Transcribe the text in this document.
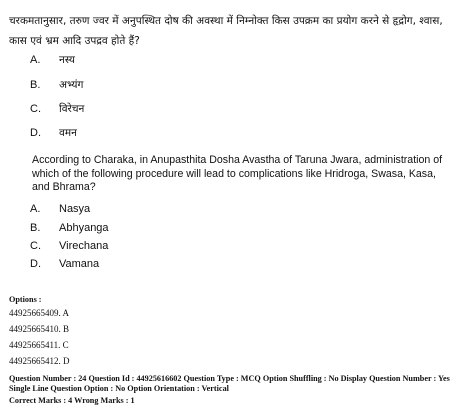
चरकमतानुसार, तरुण ज्वर में अनुपस्थित दोष की अवस्था में निम्नोक्त किस उपक्रम का प्रयोग करने से हृद्रोग, श्वास, कास एवं भ्रम आदि उपद्रव होते हैं?
A.	नस्य
B.	अभ्यंग
C.	विरेचन
D.	वमन
According to Charaka, in Anupasthita Dosha Avastha of Taruna Jwara, administration of which of the following procedure will lead to complications like Hridroga, Swasa, Kasa, and Bhrama?
A.	Nasya
B.	Abhyanga
C.	Virechana
D.	Vamana
Options :
44925665409. A
44925665410. B
44925665411. C
44925665412. D
Question Number : 24 Question Id : 44925616602 Question Type : MCQ Option Shuffling : No Display Question Number : Yes Single Line Question Option : No Option Orientation : Vertical
Correct Marks : 4 Wrong Marks : 1
